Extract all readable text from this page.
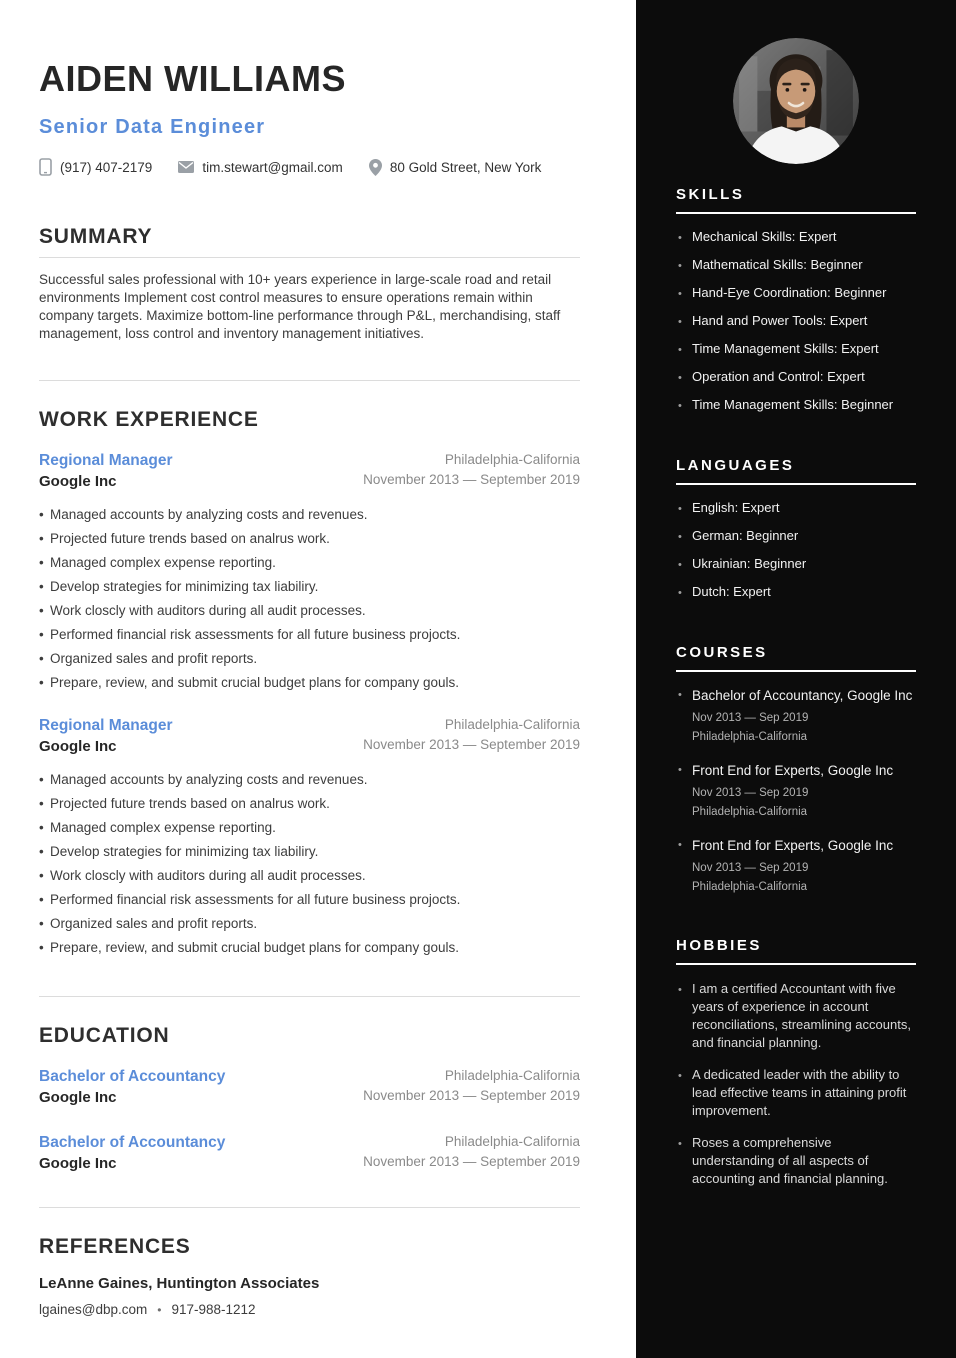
AIDEN WILLIAMS
Senior Data Engineer
(917) 407-2179	tim.stewart@gmail.com	80 Gold Street, New York
SUMMARY

Successful sales professional with 10+ years experience in large-scale road and retail environments Implement cost control measures to ensure operations remain within company targets. Maximize bottom-line performance through P&L, merchandising, staff management, loss control and inventory management initiatives.

WORK EXPERIENCE
Regional Manager
Google Inc
Philadelphia-California
November 2013 — September 2019
• Managed accounts by analyzing costs and revenues.
• Projected future trends based on analrus work.
• Managed complex expense reporting.
• Develop strategies for minimizing tax liabiliry.
• Work closcly with auditors during all audit processes.
• Performed financial risk assessments for all future business projocts.
• Organized sales and profit reports.
• Prepare, review, and submit crucial budget plans for company gouls.
Regional Manager
Google Inc
Philadelphia-California
November 2013 — September 2019
• Managed accounts by analyzing costs and revenues.
• Projected future trends based on analrus work.
• Managed complex expense reporting.
• Develop strategies for minimizing tax liabiliry.
• Work closcly with auditors during all audit processes.
• Performed financial risk assessments for all future business projocts.
• Organized sales and profit reports.
• Prepare, review, and submit crucial budget plans for company gouls.
EDUCATION
Bachelor of Accountancy
Google Inc
Philadelphia-California
November 2013 — September 2019
Bachelor of Accountancy
Google Inc
Philadelphia-California
November 2013 — September 2019
REFERENCES
LeAnne Gaines, Huntington Associates
lgaines@dbp.com • 917-988-1212
SKILLS
• Mechanical Skills: Expert
• Mathematical Skills: Beginner
• Hand-Eye Coordination: Beginner
• Hand and Power Tools: Expert
• Time Management Skills: Expert
• Operation and Control: Expert
• Time Management Skills: Beginner
LANGUAGES
• English: Expert
• German: Beginner
• Ukrainian: Beginner
• Dutch: Expert
COURSES
• Bachelor of Accountancy, Google Inc
Nov 2013 — Sep 2019
Philadelphia-California
• Front End for Experts, Google Inc
Nov 2013 — Sep 2019
Philadelphia-California
• Front End for Experts, Google Inc
Nov 2013 — Sep 2019
Philadelphia-California
HOBBIES
• I am a certified Accountant with five years of experience in account reconciliations, streamlining accounts, and financial planning.
• A dedicated leader with the ability to lead effective teams in attaining profit improvement.
• Roses a comprehensive understanding of all aspects of accounting and financial planning.
